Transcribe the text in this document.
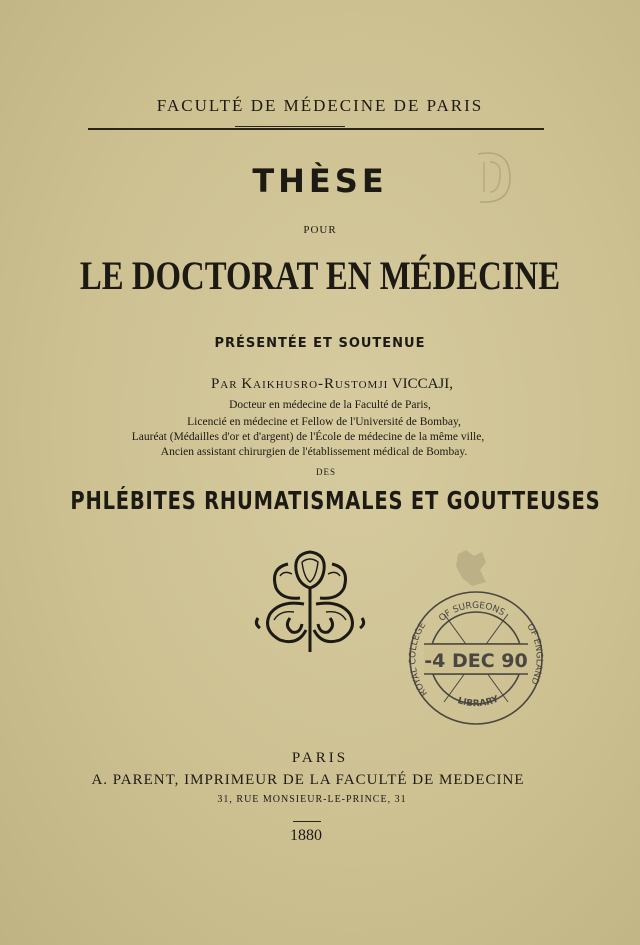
FACULTÉ DE MÉDECINE DE PARIS
THÈSE
POUR
LE DOCTORAT EN MÉDECINE
PRÉSENTÉE ET SOUTENUE
Par Kaikhusro-Rustomji VICCAJI,
Docteur en médecine de la Faculté de Paris,
Licencié en médecine et Fellow de l'Université de Bombay,
Lauréat (Médailles d'or et d'argent) de l'École de médecine de la même ville,
Ancien assistant chirurgien de l'établissement médical de Bombay.
DES
PHLÉBITES RHUMATISMALES ET GOUTTEUSES
-4 DEC 90
OF SURGEONS
ROYAL COLLEGE	OF ENGLAND
LIBRARY
PARIS
A. PARENT, IMPRIMEUR DE LA FACULTÉ DE MEDECINE
31, RUE MONSIEUR-LE-PRINCE, 31
1880
